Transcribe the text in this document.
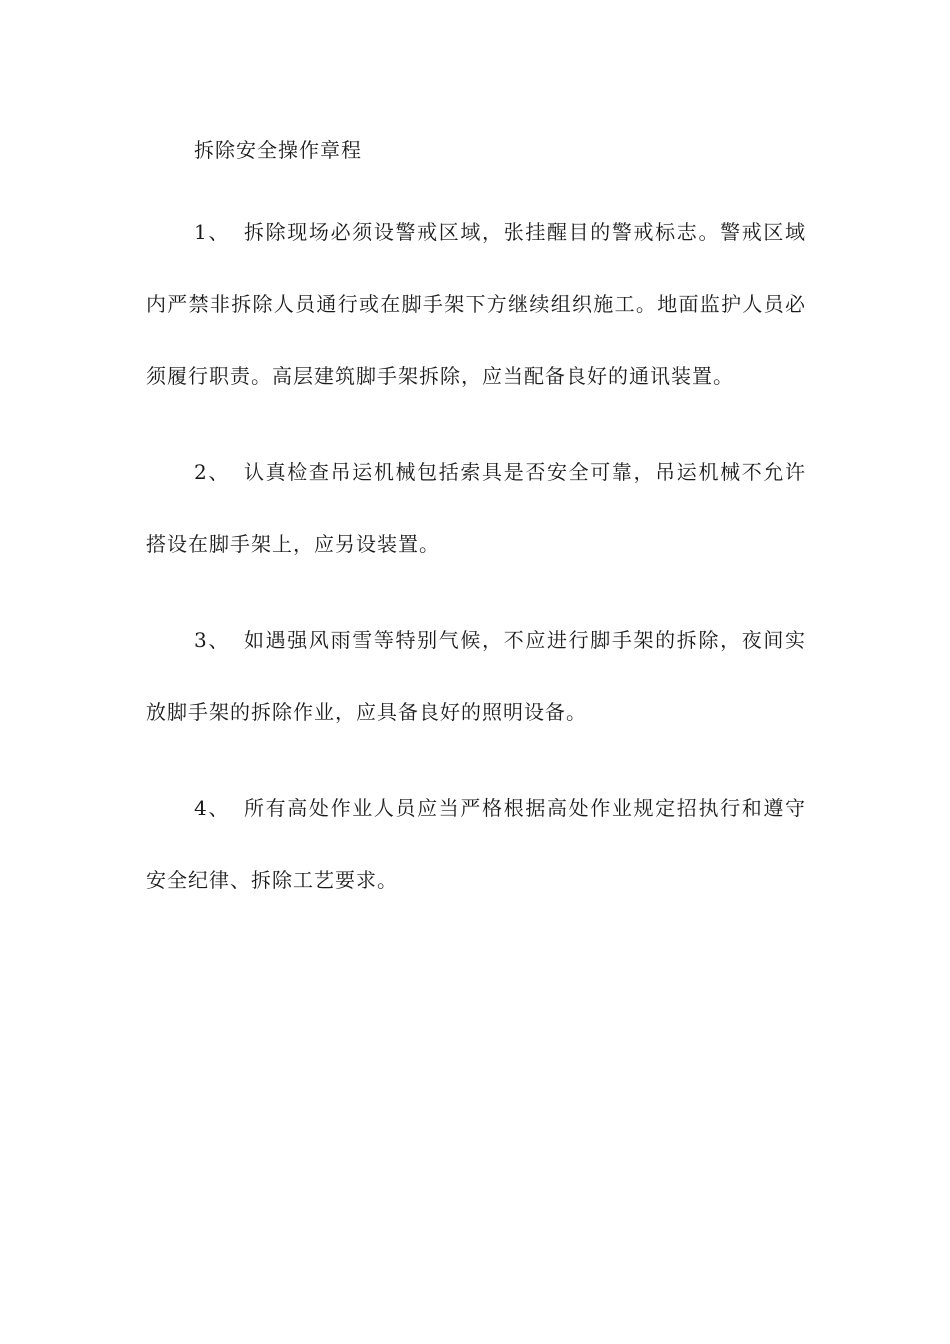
拆除安全操作章程

1、 拆除现场必须设警戒区域，张挂醒目的警戒标志。警戒区域内严禁非拆除人员通行或在脚手架下方继续组织施工。地面监护人员必须履行职责。高层建筑脚手架拆除，应当配备良好的通讯装置。

2、 认真检查吊运机械包括索具是否安全可靠，吊运机械不允许搭设在脚手架上，应另设装置。

3、 如遇强风雨雪等特别气候，不应进行脚手架的拆除，夜间实放脚手架的拆除作业，应具备良好的照明设备。

4、 所有高处作业人员应当严格根据高处作业规定招执行和遵守安全纪律、拆除工艺要求。
